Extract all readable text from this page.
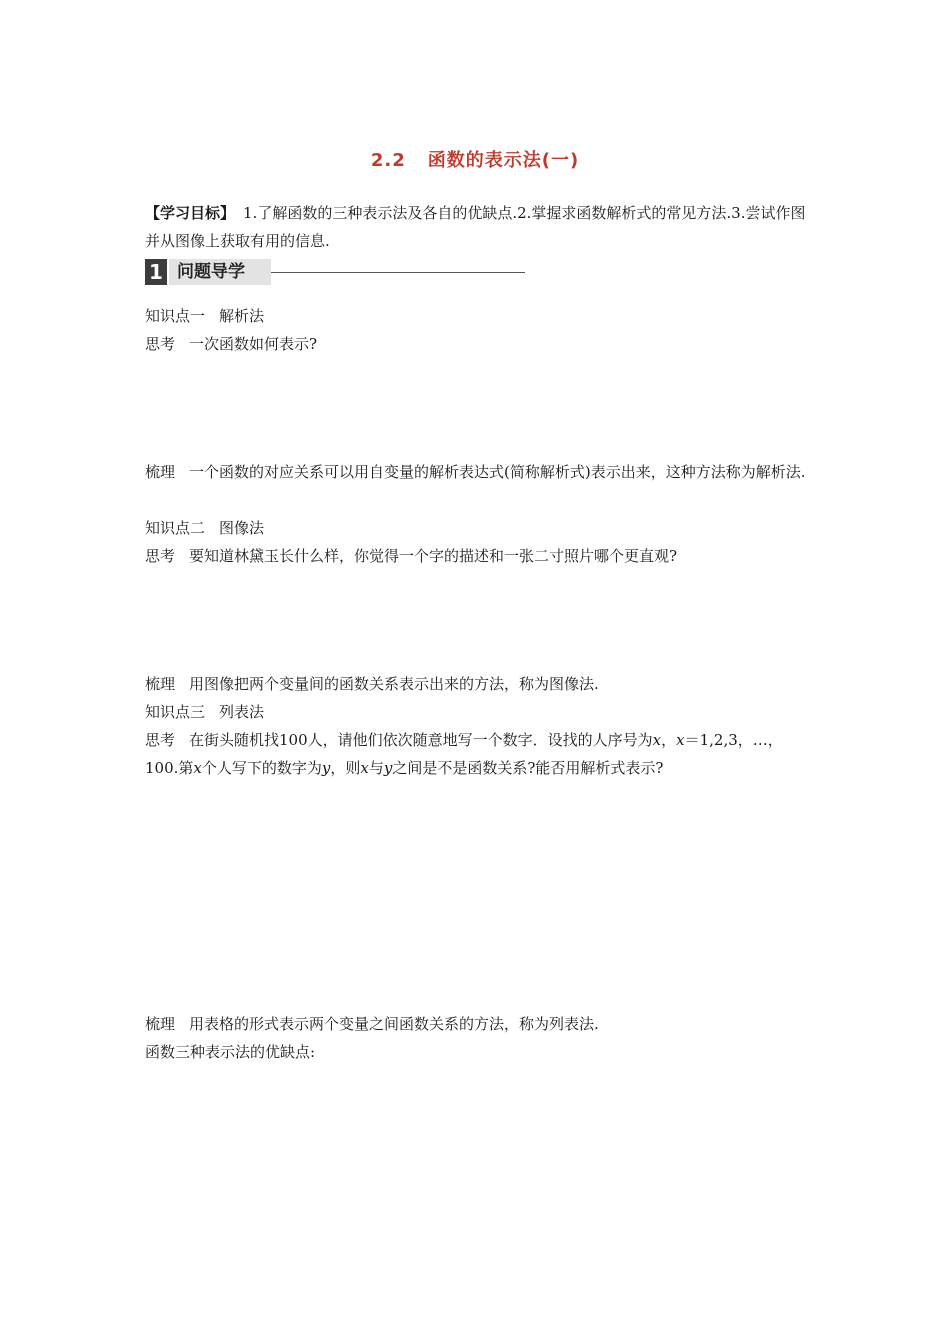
2.2 函数的表示法(一)
【学习目标】 1.了解函数的三种表示法及各自的优缺点.2.掌握求函数解析式的常见方法.3.尝试作图并从图像上获取有用的信息.
1 问题导学
知识点一 解析法
思考 一次函数如何表示?
梳理 一个函数的对应关系可以用自变量的解析表达式(简称解析式)表示出来，这种方法称为解析法.
知识点二 图像法
思考 要知道林黛玉长什么样，你觉得一个字的描述和一张二寸照片哪个更直观?
梳理 用图像把两个变量间的函数关系表示出来的方法，称为图像法.
知识点三 列表法
思考 在街头随机找100人，请他们依次随意地写一个数字．设找的人序号为x，x＝1,2,3，…，100.第x个人写下的数字为y，则x与y之间是不是函数关系?能否用解析式表示?
梳理 用表格的形式表示两个变量之间函数关系的方法，称为列表法.
函数三种表示法的优缺点:
